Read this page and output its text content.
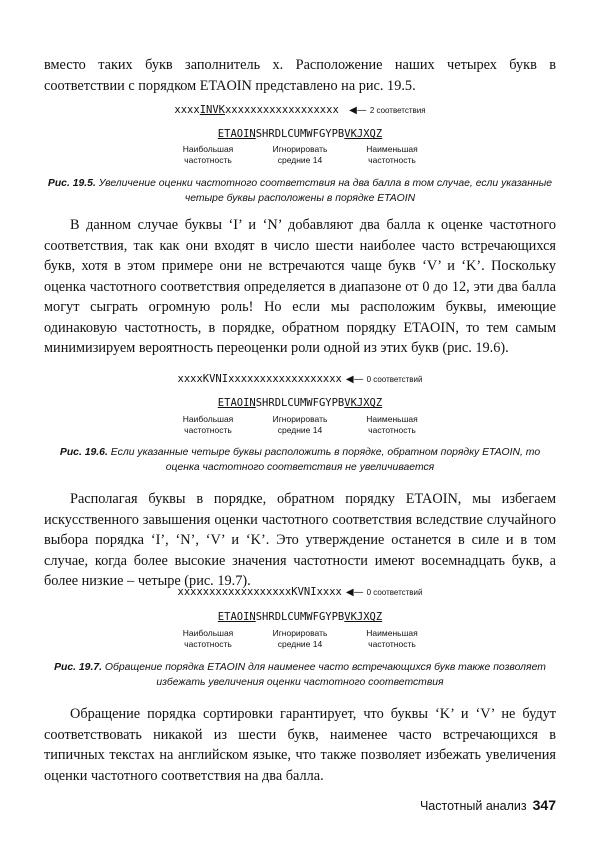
вместо таких букв заполнитель x. Расположение наших четырех букв в соответствии с порядком ETAOIN представлено на рис. 19.5.
xxxxINVKxxxxxxxxxxxxxxxxxx ◀— 2 соответствия
ETAOINSHRDLCUMWFGYPBVKJXQZ
Наибольшая частотность
Игнорировать средние 14
Наименьшая частотность
Рис. 19.5. Увеличение оценки частотного соответствия на два балла в том случае, если указанные четыре буквы расположены в порядке ETAOIN
В данном случае буквы ‘I’ и ‘N’ добавляют два балла к оценке частотного соответствия, так как они входят в число шести наиболее часто встречающихся букв, хотя в этом примере они не встречаются чаще букв ‘V’ и ‘K’. Поскольку оценка частотного соответствия определяется в диапазоне от 0 до 12, эти два балла могут сыграть огромную роль! Но если мы расположим буквы, имеющие одинаковую частотность, в порядке, обратном порядку ETAOIN, то тем самым минимизируем вероятность переоценки роли одной из этих букв (рис. 19.6).
xxxxKVNIxxxxxxxxxxxxxxxxxx ◀— 0 соответствий
ETAOINSHRDLCUMWFGYPBVKJXQZ
Наибольшая частотность
Игнорировать средние 14
Наименьшая частотность
Рис. 19.6. Если указанные четыре буквы расположить в порядке, обратном порядку ETAOIN, то оценка частотного соответствия не увеличивается
Располагая буквы в порядке, обратном порядку ETAOIN, мы избегаем искусственного завышения оценки частотного соответствия вследствие случайного выбора порядка ‘I’, ‘N’, ‘V’ и ‘K’. Это утверждение останется в силе и в том случае, когда более высокие значения частотности имеют восемнадцать букв, а более низкие – четыре (рис. 19.7).
xxxxxxxxxxxxxxxxxxKVNIxxxx ◀— 0 соответствий
ETAOINSHRDLCUMWFGYPBVKJXQZ
Наибольшая частотность
Игнорировать средние 14
Наименьшая частотность
Рис. 19.7. Обращение порядка ETAOIN для наименее часто встречающихся букв также позволяет избежать увеличения оценки частотного соответствия
Обращение порядка сортировки гарантирует, что буквы ‘K’ и ‘V’ не будут соответствовать никакой из шести букв, наименее часто встречающихся в типичных текстах на английском языке, что также позволяет избежать увеличения оценки частотного соответствия на два балла.
Частотный анализ 347
